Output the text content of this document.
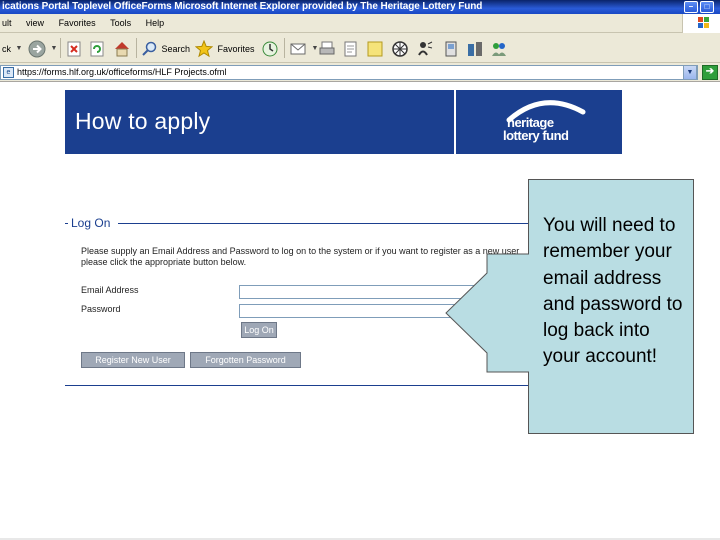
ications Portal Toplevel OfficeForms Microsoft Internet Explorer provided by The Heritage Lottery Fund	–	□
ult view Favorites Tools Help
ck ▼	▼	Search	Favorites	▼
e https://forms.hlf.org.uk/officeforms/HLF Projects.ofml	▼	➔
How to apply	heritage
lottery fund
Log On
Please supply an Email Address and Password to log on to the system or if you want to register as a new user please click the appropriate button below.
Email Address
Password
Log On
Register New User	Forgotten Password
You will need to remember your email address and password to log back into your account!
